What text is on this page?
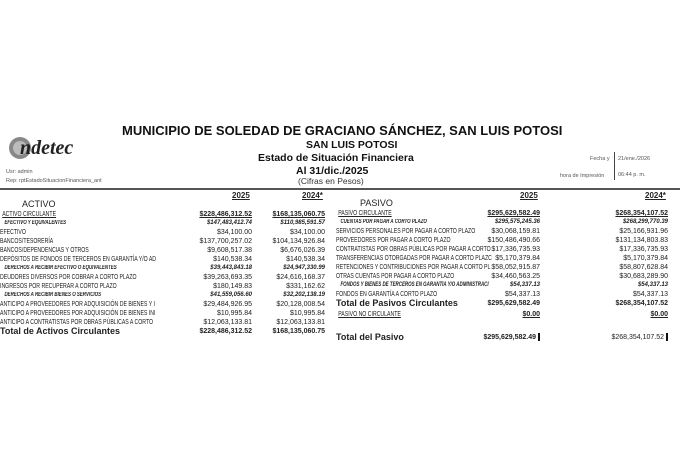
ndetec
MUNICIPIO DE SOLEDAD DE GRACIANO SÁNCHEZ, SAN LUIS POTOSI
SAN LUIS POTOSI
Estado de Situación Financiera
Al 31/dic./2025
(Cifras en Pesos)
Usr: admin
Rep: rptEstadoSituacionFinanciera_ant
Fecha y 21/ene./2026
hora de Impresión 06:44 p. m.
2025	2024*	2025	2024*
ACTIVO	PASIVO
ACTIVO CIRCULANTE	$228,486,312.52	$168,135,060.75
EFECTIVO Y EQUIVALENTES	$147,483,412.74	$110,985,591.57
EFECTIVO	$34,100.00	$34,100.00
BANCOS/TESORERÍA	$137,700,257.02	$104,134,926.84
BANCOS/DEPENDENCIAS Y OTROS	$9,608,517.38	$6,676,026.39
DEPÓSITOS DE FONDOS DE TERCEROS EN GARANTÍA Y/O AD	$140,538.34	$140,538.34
DERECHOS A RECIBIR EFECTIVO O EQUIVALENTES	$39,443,843.18	$24,947,330.99
DEUDORES DIVERSOS POR COBRAR A CORTO PLAZO	$39,263,693.35	$24,616,168.37
INGRESOS POR RECUPERAR A CORTO PLAZO	$180,149.83	$331,162.62
DERECHOS A RECIBIR BIENES O SERVICIOS	$41,559,056.60	$32,202,138.19
ANTICIPO A PROVEEDORES POR ADQUISICIÓN DE BIENES Y I	$29,484,926.95	$20,128,008.54
ANTICIPO A PROVEEDORES POR ADQUISICIÓN DE BIENES INI	$10,995.84	$10,995.84
ANTICIPO A CONTRATISTAS POR OBRAS PÚBLICAS A CORTO	$12,063,133.81	$12,063,133.81
Total de Activos Circulantes	$228,486,312.52	$168,135,060.75
PASIVO CIRCULANTE	$295,629,582.49	$268,354,107.52
CUENTAS POR PAGAR A CORTO PLAZO	$295,575,245.36	$268,299,770.39
SERVICIOS PERSONALES POR PAGAR A CORTO PLAZO	$30,068,159.81	$25,166,931.96
PROVEEDORES POR PAGAR A CORTO PLAZO	$150,486,490.66	$131,134,803.83
CONTRATISTAS POR OBRAS PÚBLICAS POR PAGAR A CORTO $17,336,735.93	$17,336,735.93
TRANSFERENCIAS OTORGADAS POR PAGAR A CORTO PLAZC $5,170,379.84	$5,170,379.84
RETENCIONES Y CONTRIBUCIONES POR PAGAR A CORTO PL $58,052,915.87	$58,807,628.84
OTRAS CUENTAS POR PAGAR A CORTO PLAZO	$34,460,563.25	$30,683,289.90
FONDOS Y BIENES DE TERCEROS EN GARANTÍA Y/O ADMINISTRACI	$54,337.13	$54,337.13
FONDOS EN GARANTÍA A CORTO PLAZO	$54,337.13	$54,337.13
Total de Pasivos Circulantes	$295,629,582.49	$268,354,107.52
PASIVO NO CIRCULANTE	$0.00	$0.00
Total del Pasivo	$295,629,582.49	$268,354,107.52
